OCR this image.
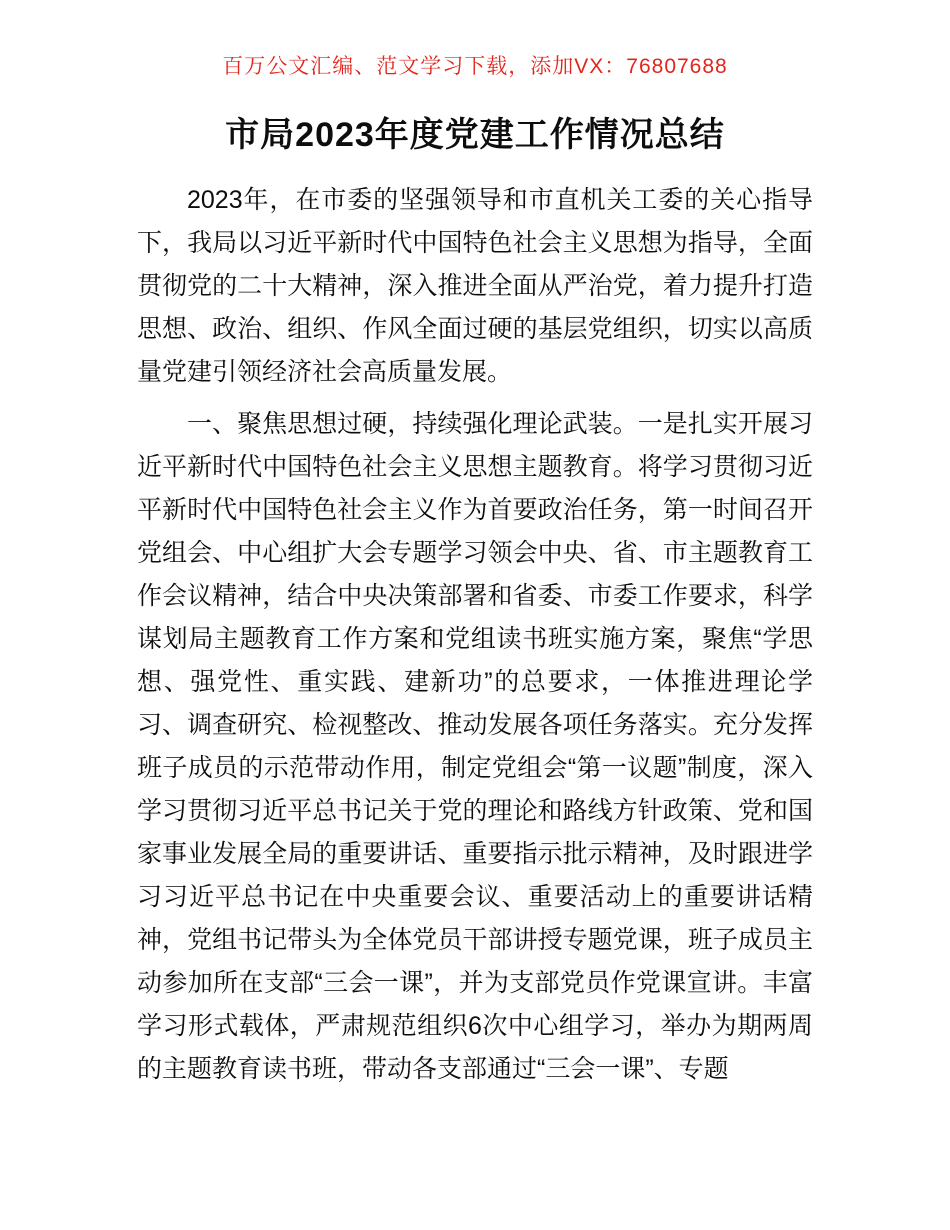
百万公文汇编、范文学习下载，添加VX：76807688
市局2023年度党建工作情况总结

2023年，在市委的坚强领导和市直机关工委的关心指导下，我局以习近平新时代中国特色社会主义思想为指导，全面贯彻党的二十大精神，深入推进全面从严治党，着力提升打造思想、政治、组织、作风全面过硬的基层党组织，切实以高质量党建引领经济社会高质量发展。

一、聚焦思想过硬，持续强化理论武装。一是扎实开展习近平新时代中国特色社会主义思想主题教育。将学习贯彻习近平新时代中国特色社会主义作为首要政治任务，第一时间召开党组会、中心组扩大会专题学习领会中央、省、市主题教育工作会议精神，结合中央决策部署和省委、市委工作要求，科学谋划局主题教育工作方案和党组读书班实施方案，聚焦“学思想、强党性、重实践、建新功”的总要求，一体推进理论学习、调查研究、检视整改、推动发展各项任务落实。充分发挥班子成员的示范带动作用，制定党组会“第一议题”制度，深入学习贯彻习近平总书记关于党的理论和路线方针政策、党和国家事业发展全局的重要讲话、重要指示批示精神，及时跟进学习习近平总书记在中央重要会议、重要活动上的重要讲话精神，党组书记带头为全体党员干部讲授专题党课，班子成员主动参加所在支部“三会一课”，并为支部党员作党课宣讲。丰富学习形式载体，严肃规范组织6次中心组学习，举办为期两周的主题教育读书班，带动各支部通过“三会一课”、专题
